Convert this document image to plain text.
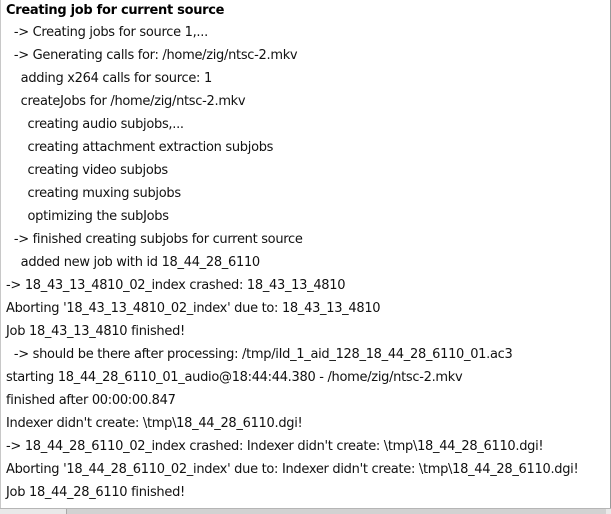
Creating job for current source
-> Creating jobs for source 1,...
-> Generating calls for: /home/zig/ntsc-2.mkv
adding x264 calls for source: 1
createJobs for /home/zig/ntsc-2.mkv
creating audio subjobs,...
creating attachment extraction subjobs
creating video subjobs
creating muxing subjobs
optimizing the subJobs
-> finished creating subjobs for current source
added new job with id 18_44_28_6110
-> 18_43_13_4810_02_index crashed: 18_43_13_4810
Aborting '18_43_13_4810_02_index' due to: 18_43_13_4810
Job 18_43_13_4810 finished!
-> should be there after processing: /tmp/iId_1_aid_128_18_44_28_6110_01.ac3
starting 18_44_28_6110_01_audio@18:44:44.380 - /home/zig/ntsc-2.mkv
finished after 00:00:00.847
Indexer didn't create: \tmp\18_44_28_6110.dgi!
-> 18_44_28_6110_02_index crashed: Indexer didn't create: \tmp\18_44_28_6110.dgi!
Aborting '18_44_28_6110_02_index' due to: Indexer didn't create: \tmp\18_44_28_6110.dgi!
Job 18_44_28_6110 finished!
